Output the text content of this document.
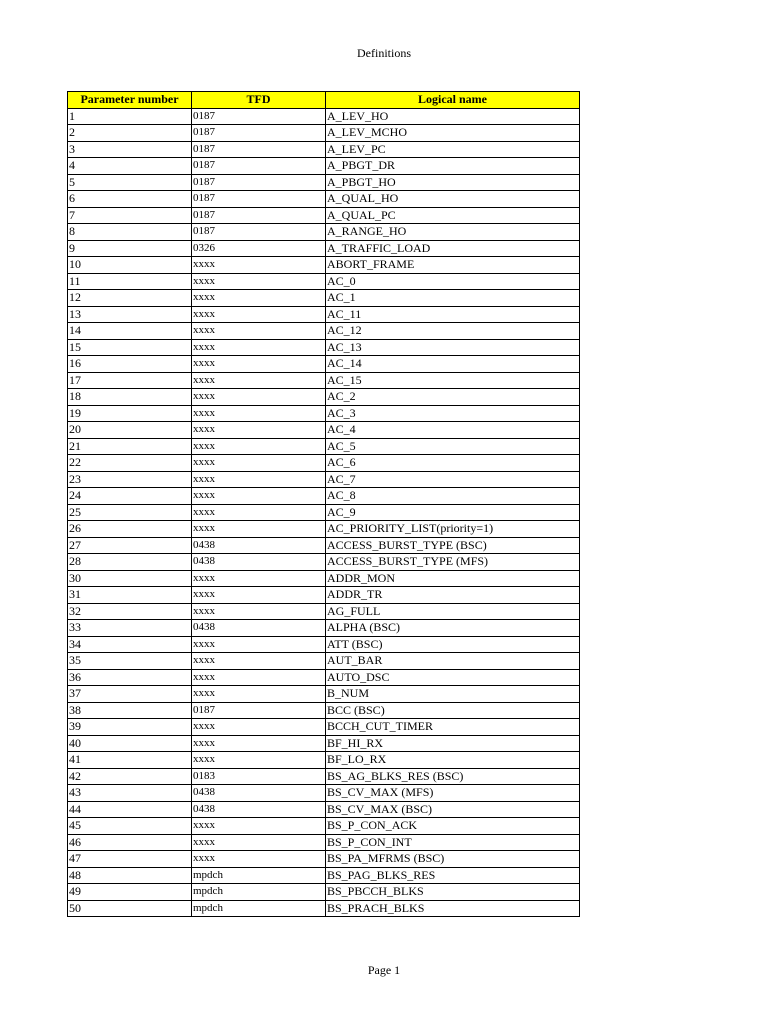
Definitions
Parameter number	TFD	Logical name
1	0187	A_LEV_HO
2	0187	A_LEV_MCHO
3	0187	A_LEV_PC
4	0187	A_PBGT_DR
5	0187	A_PBGT_HO
6	0187	A_QUAL_HO
7	0187	A_QUAL_PC
8	0187	A_RANGE_HO
9	0326	A_TRAFFIC_LOAD
10	xxxx	ABORT_FRAME
11	xxxx	AC_0
12	xxxx	AC_1
13	xxxx	AC_11
14	xxxx	AC_12
15	xxxx	AC_13
16	xxxx	AC_14
17	xxxx	AC_15
18	xxxx	AC_2
19	xxxx	AC_3
20	xxxx	AC_4
21	xxxx	AC_5
22	xxxx	AC_6
23	xxxx	AC_7
24	xxxx	AC_8
25	xxxx	AC_9
26	xxxx	AC_PRIORITY_LIST(priority=1)
27	0438	ACCESS_BURST_TYPE (BSC)
28	0438	ACCESS_BURST_TYPE (MFS)
30	xxxx	ADDR_MON
31	xxxx	ADDR_TR
32	xxxx	AG_FULL
33	0438	ALPHA (BSC)
34	xxxx	ATT (BSC)
35	xxxx	AUT_BAR
36	xxxx	AUTO_DSC
37	xxxx	B_NUM
38	0187	BCC (BSC)
39	xxxx	BCCH_CUT_TIMER
40	xxxx	BF_HI_RX
41	xxxx	BF_LO_RX
42	0183	BS_AG_BLKS_RES (BSC)
43	0438	BS_CV_MAX (MFS)
44	0438	BS_CV_MAX (BSC)
45	xxxx	BS_P_CON_ACK
46	xxxx	BS_P_CON_INT
47	xxxx	BS_PA_MFRMS (BSC)
48	mpdch	BS_PAG_BLKS_RES
49	mpdch	BS_PBCCH_BLKS
50	mpdch	BS_PRACH_BLKS
Page 1
